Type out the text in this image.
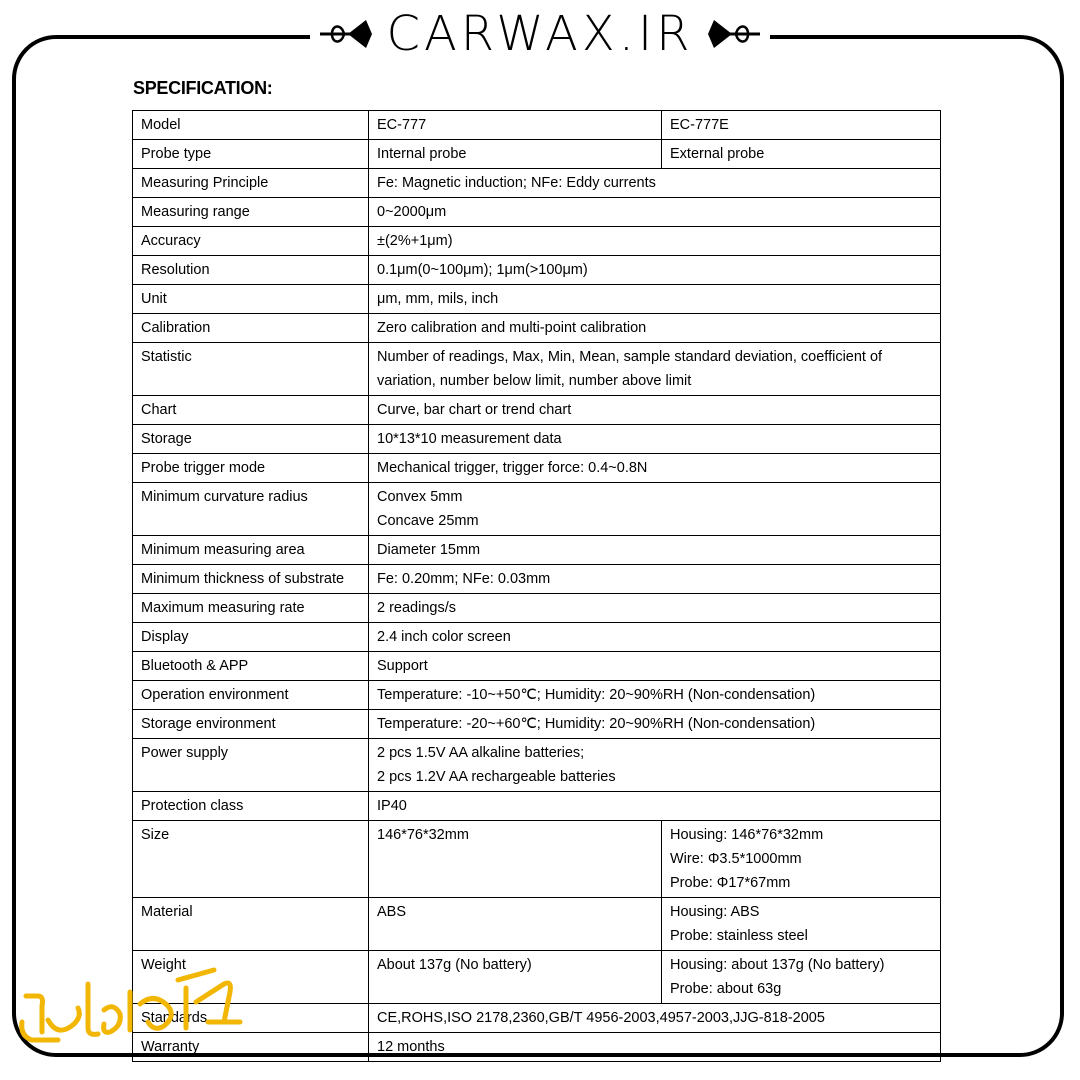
CARWAX.IR
SPECIFICATION:
Model	EC-777	EC-777E

Probe type	Internal probe	External probe

Measuring Principle	Fe: Magnetic induction; NFe: Eddy currents	

Measuring range	0~2000μm	

Accuracy	±(2%+1μm)	

Resolution	0.1μm(0~100μm); 1μm(>100μm)	

Unit	μm, mm, mils, inch	

Calibration	Zero calibration and multi-point calibration	

Statistic	Number of readings, Max, Min, Mean, sample standard deviation, coefficient of
variation, number below limit, number above limit	

Chart	Curve, bar chart or trend chart	

Storage	10*13*10 measurement data	

Probe trigger mode	Mechanical trigger, trigger force: 0.4~0.8N	

Minimum curvature radius	Convex 5mm
Concave 25mm	

Minimum measuring area	Diameter 15mm	

Minimum thickness of substrate	Fe: 0.20mm; NFe: 0.03mm	

Maximum measuring rate	2 readings/s	

Display	2.4 inch color screen	

Bluetooth & APP	Support	

Operation environment	Temperature: -10~+50℃; Humidity: 20~90%RH (Non-condensation)	

Storage environment	Temperature: -20~+60℃; Humidity: 20~90%RH (Non-condensation)	

Power supply	2 pcs 1.5V AA alkaline batteries;
2 pcs 1.2V AA rechargeable batteries	

Protection class	IP40	

Size	146*76*32mm	Housing: 146*76*32mm
Wire: Φ3.5*1000mm
Probe: Φ17*67mm

Material	ABS	Housing: ABS
Probe: stainless steel

Weight	About 137g (No battery)	Housing: about 137g (No battery)
Probe: about 63g

Standards	CE,ROHS,ISO 2178,2360,GB/T 4956-2003,4957-2003,JJG-818-2005	

Warranty	12 months	
